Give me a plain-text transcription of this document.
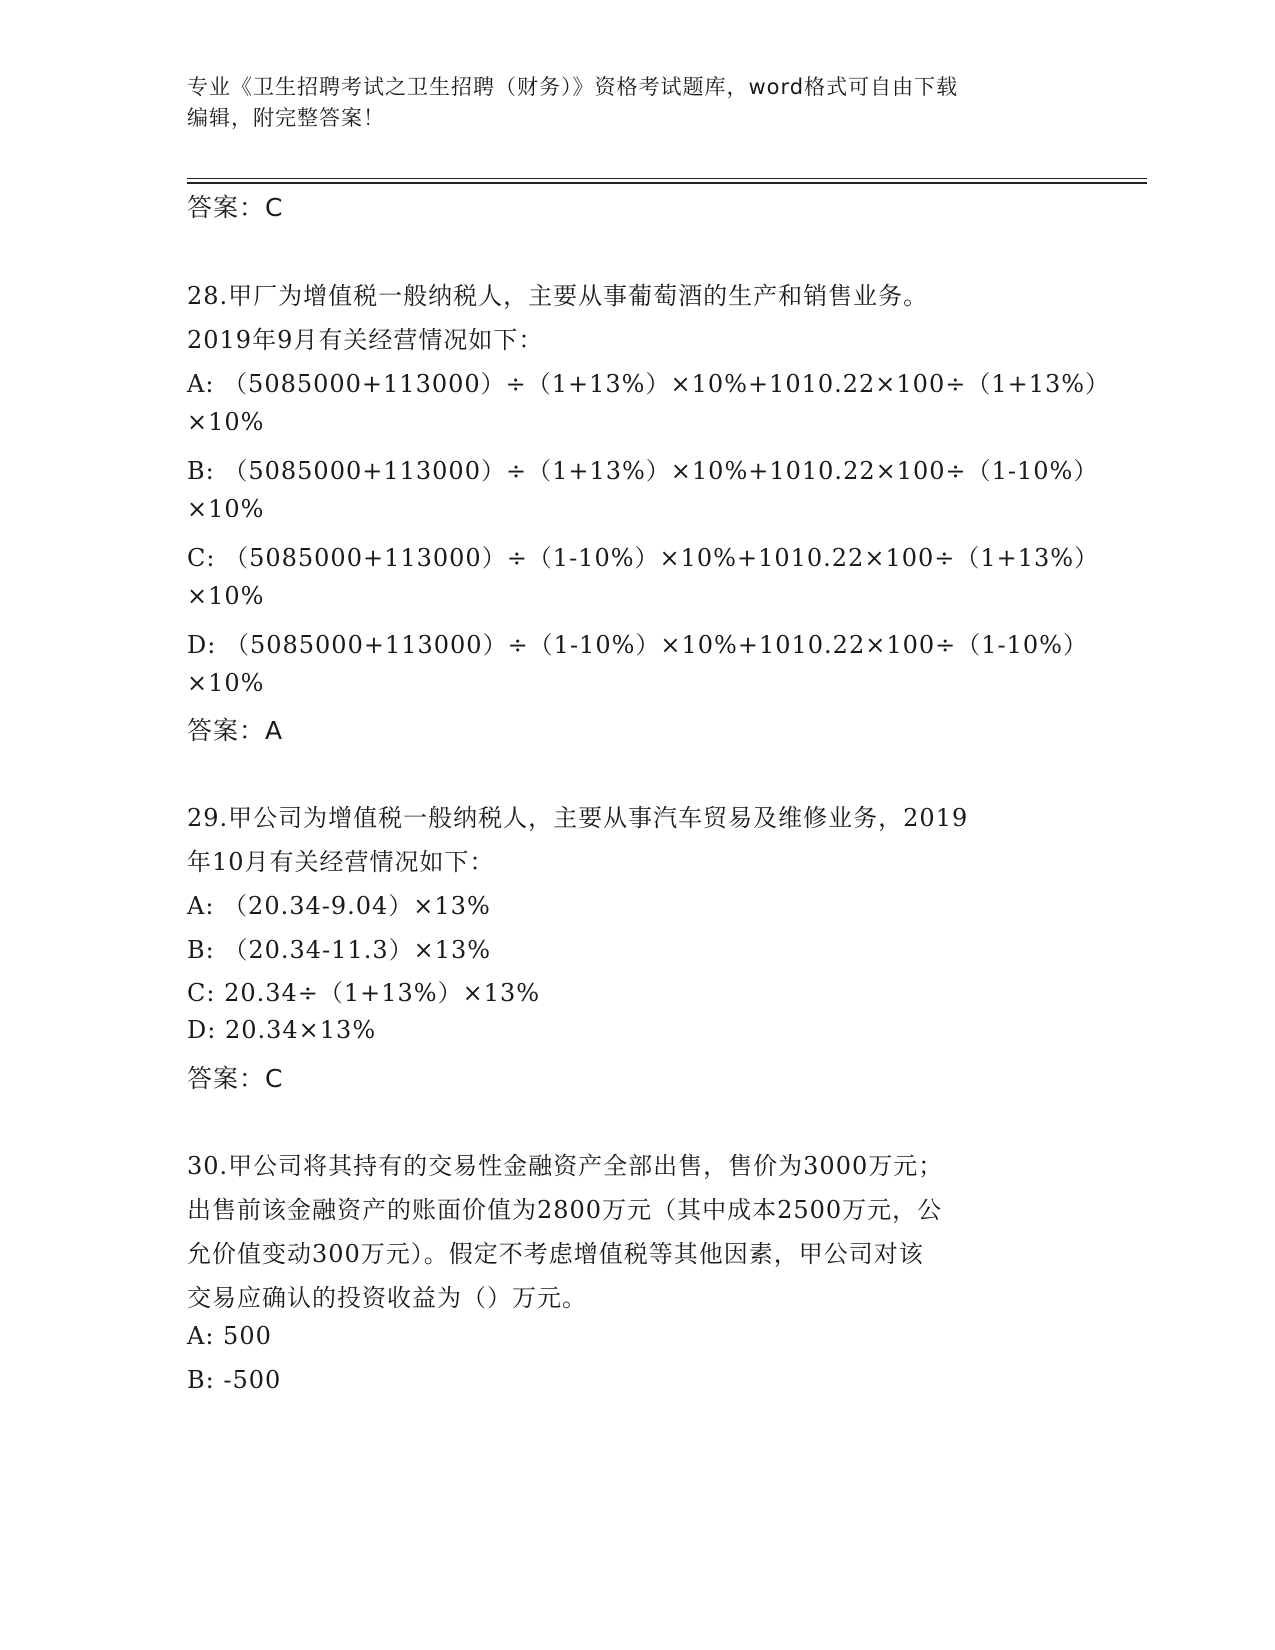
专业《卫生招聘考试之卫生招聘（财务）》资格考试题库，word格式可自由下载
编辑，附完整答案！
答案：C
28.甲厂为增值税一般纳税人，主要从事葡萄酒的生产和销售业务。
2019年9月有关经营情况如下：
A: （5085000+113000）÷（1+13%）×10%+1010.22×100÷（1+13%）
×10%
B: （5085000+113000）÷（1+13%）×10%+1010.22×100÷（1-10%）
×10%
C: （5085000+113000）÷（1-10%）×10%+1010.22×100÷（1+13%）
×10%
D: （5085000+113000）÷（1-10%）×10%+1010.22×100÷（1-10%）
×10%
答案：A
29.甲公司为增值税一般纳税人，主要从事汽车贸易及维修业务，2019
年10月有关经营情况如下：
A: （20.34-9.04）×13%
B: （20.34-11.3）×13%
C: 20.34÷（1+13%）×13%
D: 20.34×13%
答案：C
30.甲公司将其持有的交易性金融资产全部出售，售价为3000万元；
出售前该金融资产的账面价值为2800万元（其中成本2500万元，公
允价值变动300万元）。假定不考虑增值税等其他因素，甲公司对该
交易应确认的投资收益为（）万元。
A: 500
B: -500
